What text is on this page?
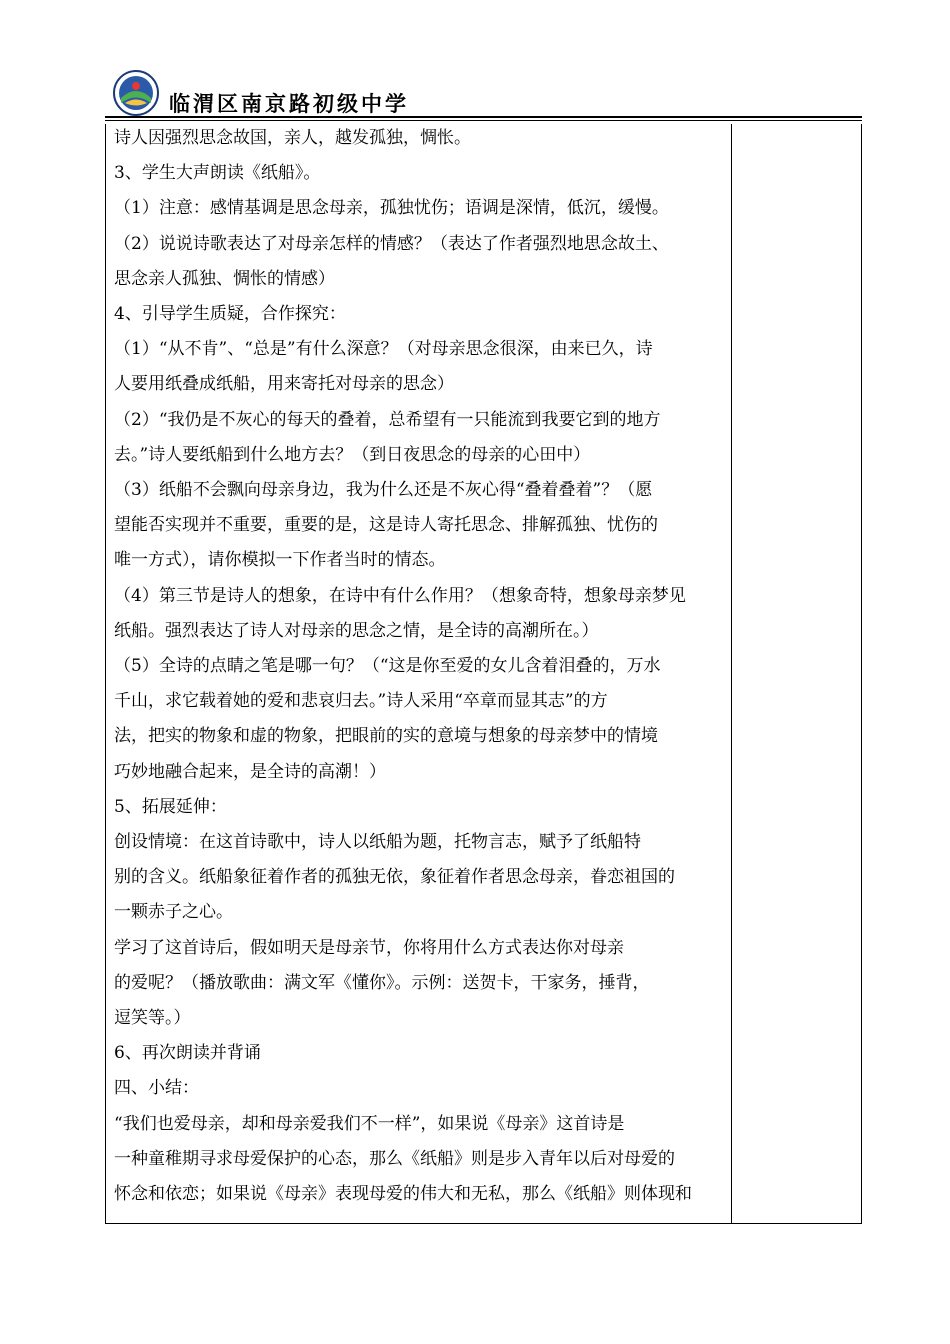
临渭区南京路初级中学
诗人因强烈思念故国，亲人，越发孤独，惆怅。
3、学生大声朗读《纸船》。
（1）注意：感情基调是思念母亲，孤独忧伤；语调是深情，低沉，缓慢。
（2）说说诗歌表达了对母亲怎样的情感？（表达了作者强烈地思念故土、
思念亲人孤独、惆怅的情感）
4、引导学生质疑，合作探究：
（1）“从不肯”、“总是”有什么深意？（对母亲思念很深，由来已久，诗
人要用纸叠成纸船，用来寄托对母亲的思念）
（2）“我仍是不灰心的每天的叠着，总希望有一只能流到我要它到的地方
去。”诗人要纸船到什么地方去？（到日夜思念的母亲的心田中）
（3）纸船不会飘向母亲身边，我为什么还是不灰心得“叠着叠着”？（愿
望能否实现并不重要，重要的是，这是诗人寄托思念、排解孤独、忧伤的
唯一方式），请你模拟一下作者当时的情态。
（4）第三节是诗人的想象，在诗中有什么作用？（想象奇特，想象母亲梦见
纸船。强烈表达了诗人对母亲的思念之情，是全诗的高潮所在。）
（5）全诗的点睛之笔是哪一句？（“这是你至爱的女儿含着泪叠的，万水
千山，求它载着她的爱和悲哀归去。”诗人采用“卒章而显其志”的方
法，把实的物象和虚的物象，把眼前的实的意境与想象的母亲梦中的情境
巧妙地融合起来，是全诗的高潮！）
5、拓展延伸：
创设情境：在这首诗歌中，诗人以纸船为题，托物言志，赋予了纸船特
别的含义。纸船象征着作者的孤独无依，象征着作者思念母亲，眷恋祖国的
一颗赤子之心。
学习了这首诗后，假如明天是母亲节，你将用什么方式表达你对母亲
的爱呢？（播放歌曲：满文军《懂你》。示例：送贺卡，干家务，捶背，
逗笑等。）
6、再次朗读并背诵
四、小结：
“我们也爱母亲，却和母亲爱我们不一样”，如果说《母亲》这首诗是
一种童稚期寻求母爱保护的心态，那么《纸船》则是步入青年以后对母爱的
怀念和依恋；如果说《母亲》表现母爱的伟大和无私，那么《纸船》则体现和
